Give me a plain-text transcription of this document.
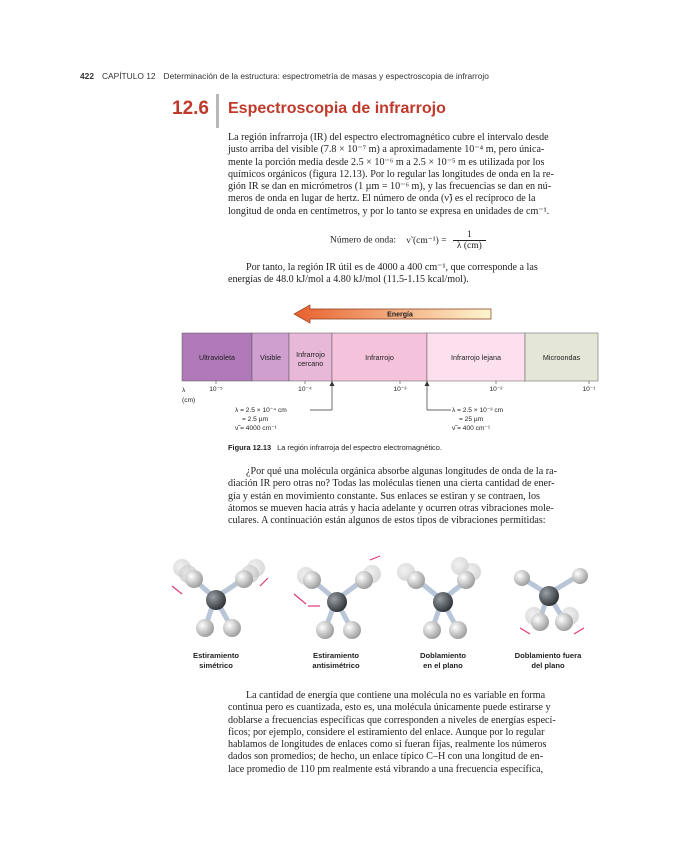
422 CAPÍTULO 12 Determinación de la estructura: espectrometría de masas y espectroscopia de infrarrojo
12.6 Espectroscopia de infrarrojo

La región infrarroja (IR) del espectro electromagnético cubre el intervalo desde
justo arriba del visible (7.8 × 10⁻⁷ m) a aproximadamente 10⁻⁴ m, pero única-
mente la porción media desde 2.5 × 10⁻⁶ m a 2.5 × 10⁻⁵ m es utilizada por los
químicos orgánicos (figura 12.13). Por lo regular las longitudes de onda en la re-
gión IR se dan en micrómetros (1 µm = 10⁻⁶ m), y las frecuencias se dan en nú-
meros de onda en lugar de hertz. El número de onda (ν̃) es el recíproco de la
longitud de onda en centímetros, y por lo tanto se expresa en unidades de cm⁻¹.

Número de onda: ν̃ $(cm^{-1}) = \frac{1}{\lambda (cm)}$

Por tanto, la región IR útil es de 4000 a 400 cm⁻¹, que corresponde a las
energías de 48.0 kJ/mol a 4.80 kJ/mol (11.5-1.15 kcal/mol).

Energía
Ultravioleta	Visible Infrarrojo cercano
Infrarrojo	Infrarrojo lejana	Microondas
λ
(cm)
10⁻⁵	10⁻⁴	10⁻³	10⁻²	10⁻¹
λ = 2.5 × 10⁻⁴ cm
= 2.5 µm
ν̃ = 4000 cm⁻¹
λ = 2.5 × 10⁻³ cm
= 25 µm
ν̃ = 400 cm⁻¹
Figura 12.13 La región infrarroja del espectro electromagnético.

¿Por qué una molécula orgánica absorbe algunas longitudes de onda de la ra-
diación IR pero otras no? Todas las moléculas tienen una cierta cantidad de ener-
gía y están en movimiento constante. Sus enlaces se estiran y se contraen, los
átomos se mueven hacia atrás y hacia adelante y ocurren otras vibraciones mole-
culares. A continuación están algunos de estos tipos de vibraciones permitidas:

Estiramiento
simétrico
Estiramiento
antisimétrico
Doblamiento
en el plano
Doblamiento fuera
del plano

La cantidad de energía que contiene una molécula no es variable en forma
continua pero es cuantizada, esto es, una molécula únicamente puede estirarse y
doblarse a frecuencias específicas que corresponden a niveles de energías especí-
ficos; por ejemplo, considere el estiramiento del enlace. Aunque por lo regular
hablamos de longitudes de enlaces como si fueran fijas, realmente los números
dados son promedios; de hecho, un enlace típico C–H con una longitud de en-
lace promedio de 110 pm realmente está vibrando a una frecuencia específica,
